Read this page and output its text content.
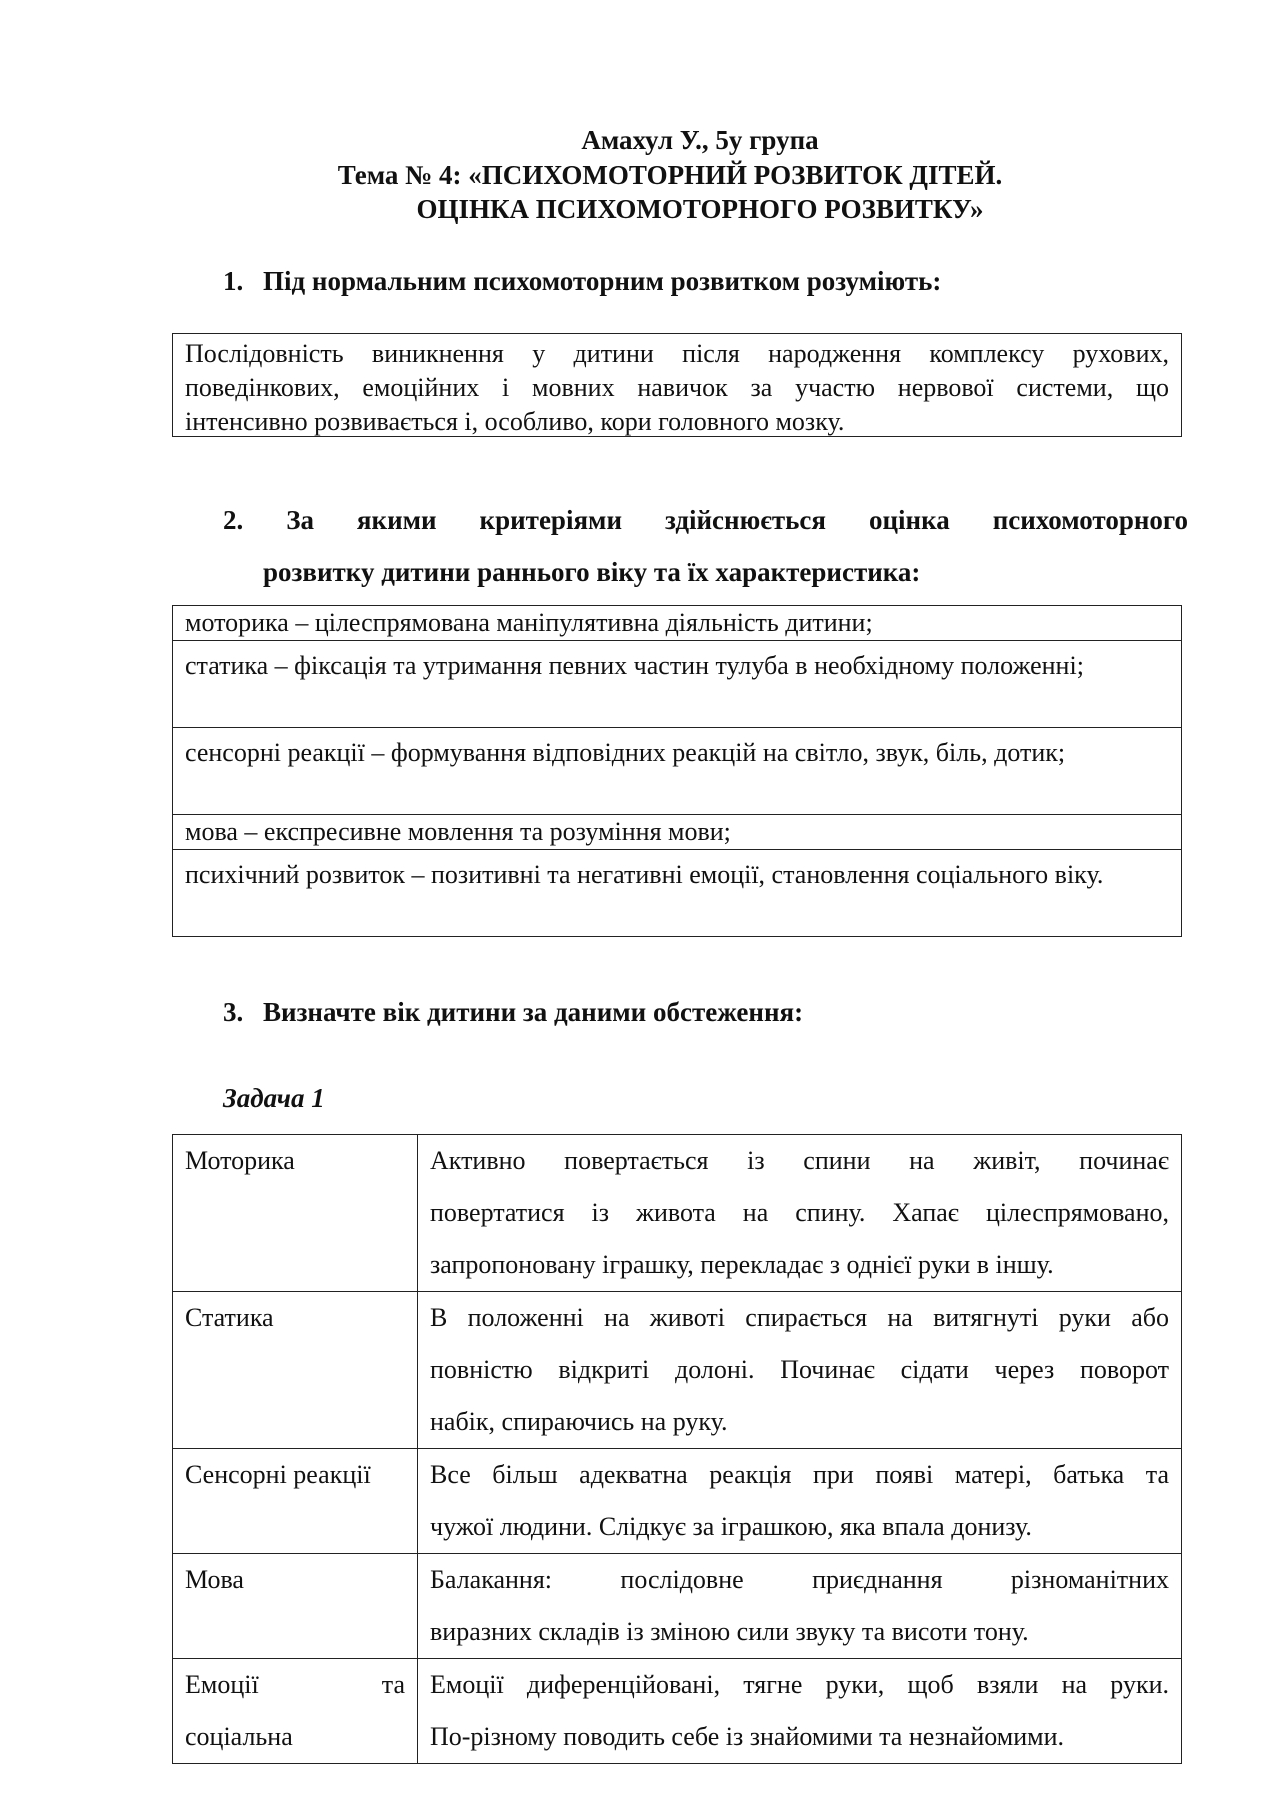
Амахул У., 5у група
Тема № 4: «ПСИХОМОТОРНИЙ РОЗВИТОК ДІТЕЙ.
ОЦІНКА ПСИХОМОТОРНОГО РОЗВИТКУ»
1. Під нормальним психомоторним розвитком розуміють:

Послідовність виникнення у дитини після народження комплексу рухових,

поведінкових, емоційних і мовних навичок за участю нервової системи, що

інтенсивно розвивається і, особливо, кори головного мозку.

2. За якими критеріями здійснюється оцінка психомоторного
розвитку дитини раннього віку та їх характеристика:
моторика – цілеспрямована маніпулятивна діяльність дитини;
статика – фіксація та утримання певних частин тулуба в необхідному положенні;
сенсорні реакції – формування відповідних реакцій на світло, звук, біль, дотик;
мова – експресивне мовлення та розуміння мови;
психічний розвиток – позитивні та негативні емоції, становлення соціального віку.
3. Визначте вік дитини за даними обстеження:
Задача 1
Моторика	Активно повертається із спини на живіт, починає
повертатися із живота на спину. Хапає цілеспрямовано,
запропоновану іграшку, перекладає з однієї руки в іншу.

Статика	В положенні на животі спирається на витягнуті руки або
повністю відкриті долоні. Починає сідати через поворот
набік, спираючись на руку.

Сенсорні реакції	Все більш адекватна реакція при появі матері, батька та
чужої людини. Слідкує за іграшкою, яка впала донизу.

Мова	Балакання: послідовне приєднання різноманітних
виразних складів із зміною сили звуку та висоти тону.

Емоції та
соціальна	Емоції диференційовані, тягне руки, щоб взяли на руки.
По-різному поводить себе із знайомими та незнайомими.
